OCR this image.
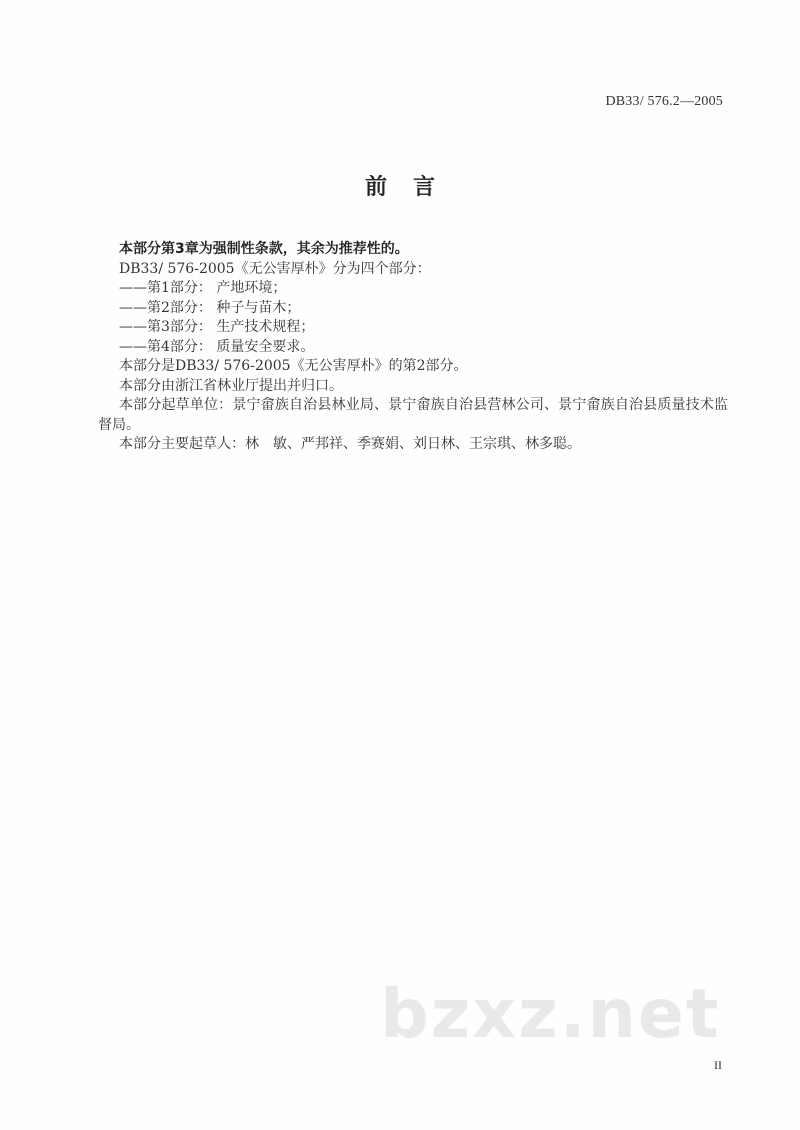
DB33/ 576.2—2005
前言

本部分第3章为强制性条款，其余为推荐性的。

DB33/ 576-2005《无公害厚朴》分为四个部分：

——第1部分： 产地环境；

——第2部分： 种子与苗木；

——第3部分： 生产技术规程；

——第4部分： 质量安全要求。

本部分是DB33/ 576-2005《无公害厚朴》的第2部分。

本部分由浙江省林业厅提出并归口。

本部分起草单位：景宁畲族自治县林业局、景宁畲族自治县营林公司、景宁畲族自治县质量技术监督局。

本部分主要起草人：林　敏、严邦祥、季赛娟、刘日林、王宗琪、林多聪。

bzxz.net
II
